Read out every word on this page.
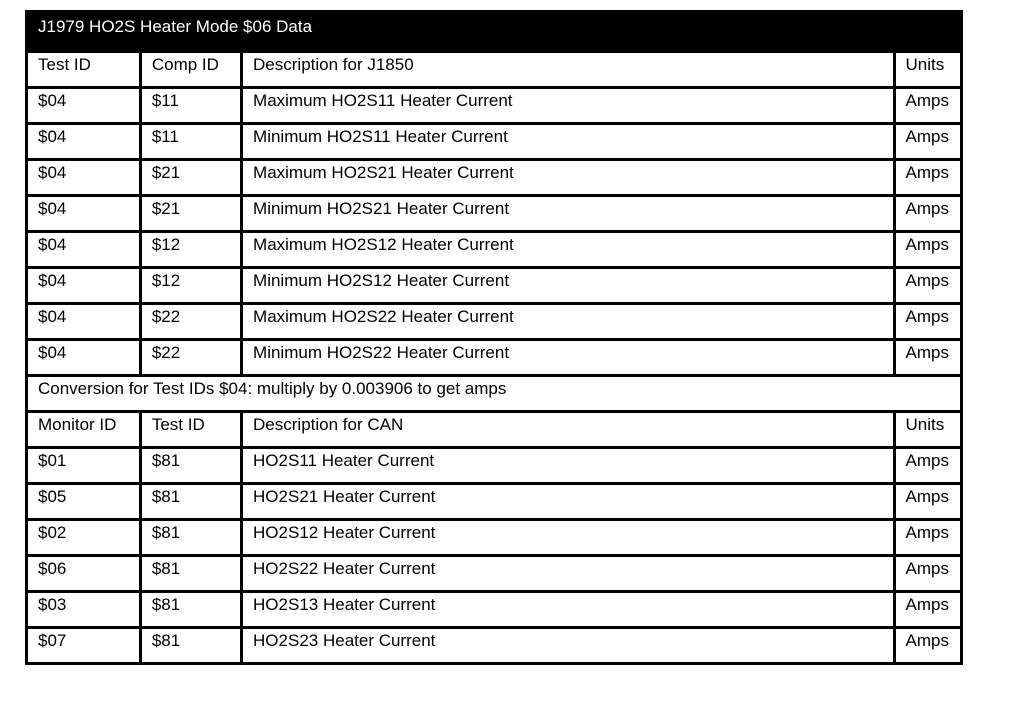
J1979 HO2S Heater Mode $06 Data			
Test ID	Comp ID	Description for J1850	Units
$04	$11	Maximum HO2S11 Heater Current	Amps
$04	$11	Minimum HO2S11 Heater Current	Amps
$04	$21	Maximum HO2S21 Heater Current	Amps
$04	$21	Minimum HO2S21 Heater Current	Amps
$04	$12	Maximum HO2S12 Heater Current	Amps
$04	$12	Minimum HO2S12 Heater Current	Amps
$04	$22	Maximum HO2S22 Heater Current	Amps
$04	$22	Minimum HO2S22 Heater Current	Amps
Conversion for Test IDs $04: multiply by 0.003906 to get amps			
Monitor ID	Test ID	Description for CAN	Units
$01	$81	HO2S11 Heater Current	Amps
$05	$81	HO2S21 Heater Current	Amps
$02	$81	HO2S12 Heater Current	Amps
$06	$81	HO2S22 Heater Current	Amps
$03	$81	HO2S13 Heater Current	Amps
$07	$81	HO2S23 Heater Current	Amps
